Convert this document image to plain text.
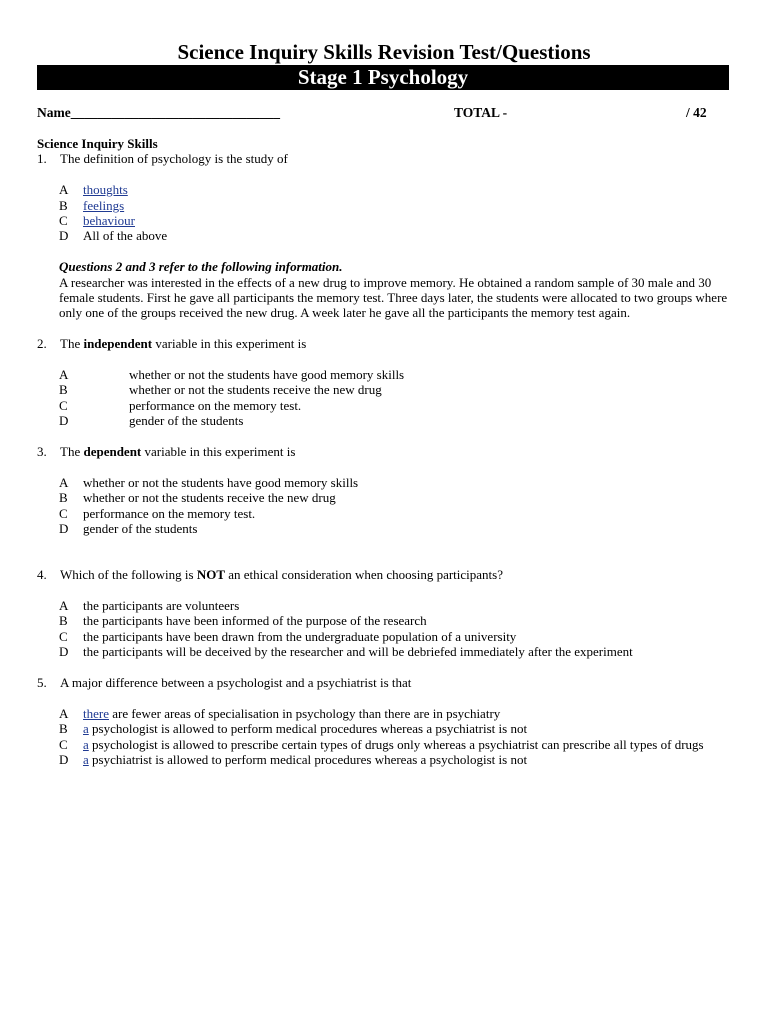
Science Inquiry Skills Revision Test/Questions
Stage 1 Psychology
Name_______________________________	TOTAL -	/ 42
Science Inquiry Skills
1.	The definition of psychology is the study of
A	thoughts
B	feelings
C	behaviour
D	All of the above
Questions 2 and 3 refer to the following information.
A researcher was interested in the effects of a new drug to improve memory. He obtained a random sample of 30 male and 30 female students. First he gave all participants the memory test. Three days later, the students were allocated to two groups where only one of the groups received the new drug. A week later he gave all the participants the memory test again.
2.	The independent variable in this experiment is
A	whether or not the students have good memory skills
B	whether or not the students receive the new drug
C	performance on the memory test.
D	gender of the students
3.	The dependent variable in this experiment is
A	whether or not the students have good memory skills
B	whether or not the students receive the new drug
C	performance on the memory test.
D	gender of the students
4.	Which of the following is NOT an ethical consideration when choosing participants?
A	the participants are volunteers
B	the participants have been informed of the purpose of the research
C	the participants have been drawn from the undergraduate population of a university
D	the participants will be deceived by the researcher and will be debriefed immediately after the experiment
5.	A major difference between a psychologist and a psychiatrist is that
A	there are fewer areas of specialisation in psychology than there are in psychiatry
B	a psychologist is allowed to perform medical procedures whereas a psychiatrist is not
C	a psychologist is allowed to prescribe certain types of drugs only whereas a psychiatrist can prescribe all types of drugs
D	a psychiatrist is allowed to perform medical procedures whereas a psychologist is not
